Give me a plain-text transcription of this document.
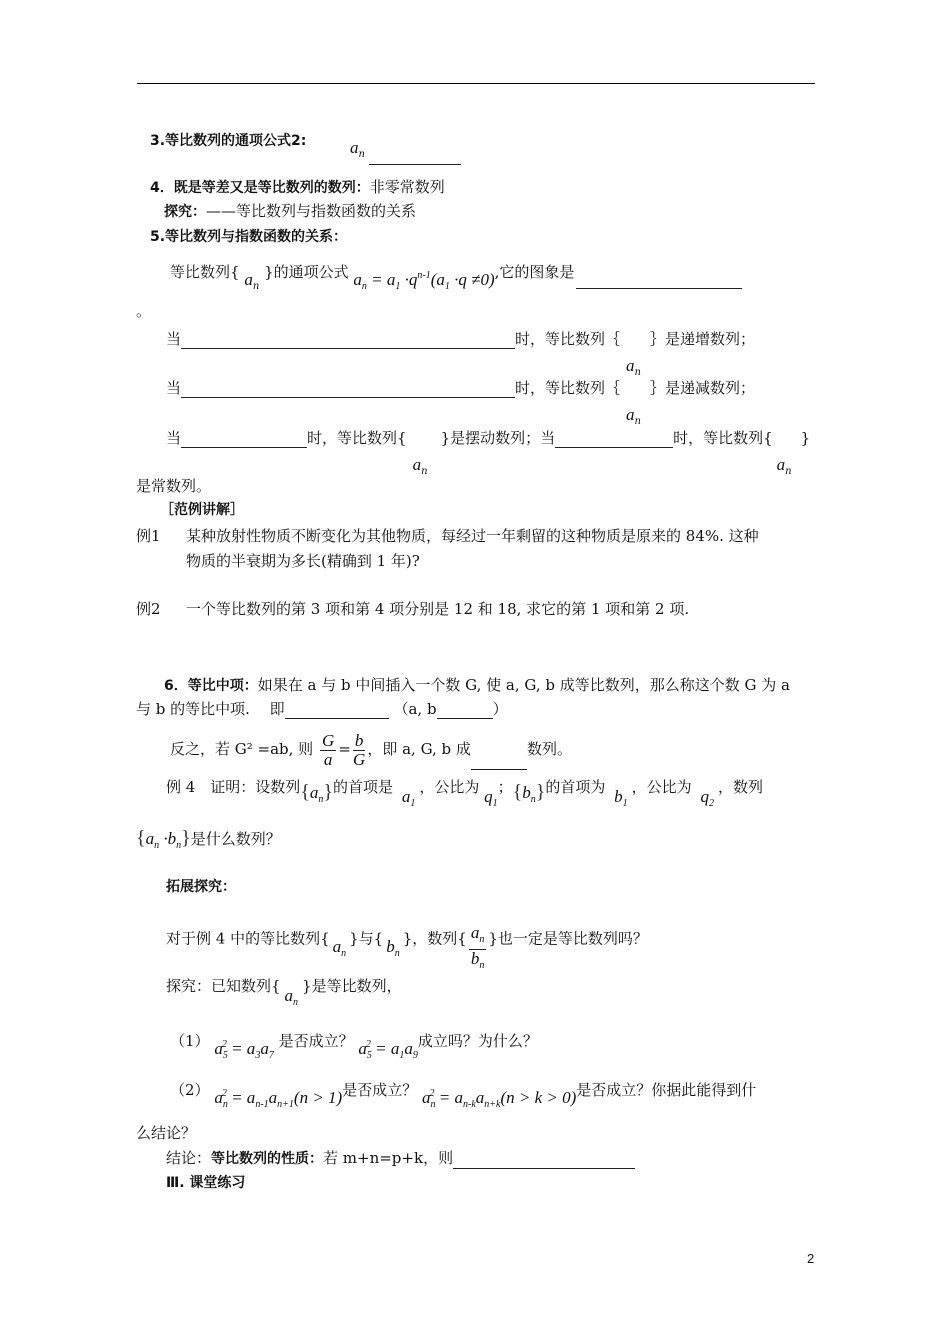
3.等比数列的通项公式2:	$a_n$
4．既是等差又是等比数列的数列：非零常数列
探究：——等比数列与指数函数的关系
5.等比数列与指数函数的关系：
等比数列{ $a_n$ }的通项公式 $a_n = a_1 \cdot q^{n-1}(a_1 \cdot q \ne 0)$,它的图象是
。
当	时，等比数列｛
$a_n$
｝是递增数列；
当	时，等比数列｛
$a_n$
｝是递减数列；
当	时，等比数列{
$a_n$
}是摆动数列；当	时，等比数列{
$a_n$
}
是常数列。
［范例讲解］
例1 某种放射性物质不断变化为其他物质，每经过一年剩留的这种物质是原来的 84%. 这种
物质的半衰期为多长(精确到 1 年)?
例2 一个等比数列的第 3 项和第 4 项分别是 12 和 18, 求它的第 1 项和第 2 项.
6．等比中项：如果在 a 与 b 中间插入一个数 G, 使 a, G, b 成等比数列，那么称这个数 G 为 a
与 b 的等比中项.　 即	（a, b	）
反之，若 G² =ab, 则 $\frac{G}{a} = \frac{b}{G}$ ，即 a, G, b 成	数列。
例 4　证明：设数列$\{a_n\}$的首项是 $a_1$，公比为 $q_1$；$\{b_n\}$的首项为 $b_1$，公比为 $q_2$，数列
$\{a_n \cdot b_n\}$是什么数列？
拓展探究：
对于例 4 中的等比数列{ $a_n$}与{ $b_n$}，数列{ $\frac{a_n}{b_n}$ }也一定是等比数列吗？
探究：已知数列{ $a_n$}是等比数列，
（1） $a_5^2 = a_3a_7$ 是否成立？ $a_5^2 = a_1a_9$成立吗？为什么？
（2） $a_n^2 = a_{n-1}a_{n+1}(n > 1)$是否成立？ $a_n^2 = a_{n-k}a_{n+k}(n > k > 0)$是否成立？你据此能得到什
么结论？
结论：等比数列的性质：若 m+n=p+k，则
Ⅲ. 课堂练习
2
